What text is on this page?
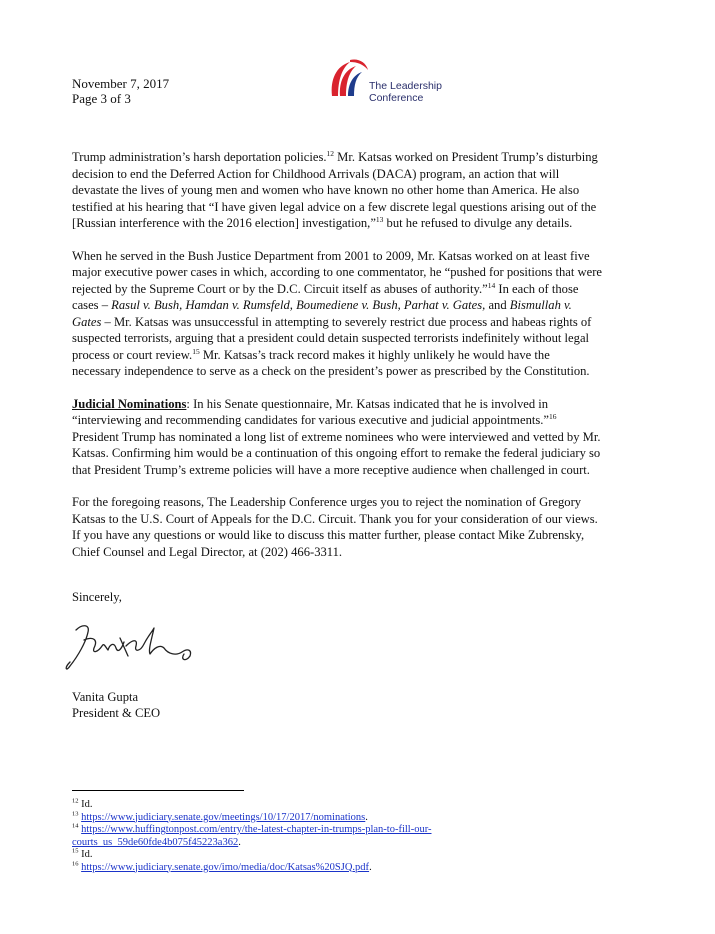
November 7, 2017
Page 3 of 3
The Leadership
Conference

Trump administration’s harsh deportation policies.$^{12}$ Mr. Katsas worked on President Trump’s disturbing
decision to end the Deferred Action for Childhood Arrivals (DACA) program, an action that will
devastate the lives of young men and women who have known no other home than America. He also
testified at his hearing that “I have given legal advice on a few discrete legal questions arising out of the
[Russian interference with the 2016 election] investigation,”$^{13}$ but he refused to divulge any details.

When he served in the Bush Justice Department from 2001 to 2009, Mr. Katsas worked on at least five
major executive power cases in which, according to one commentator, he “pushed for positions that were
rejected by the Supreme Court or by the D.C. Circuit itself as abuses of authority.”$^{14}$ In each of those
cases – Rasul v. Bush, Hamdan v. Rumsfeld, Boumediene v. Bush, Parhat v. Gates, and Bismullah v.
Gates – Mr. Katsas was unsuccessful in attempting to severely restrict due process and habeas rights of
suspected terrorists, arguing that a president could detain suspected terrorists indefinitely without legal
process or court review.$^{15}$ Mr. Katsas’s track record makes it highly unlikely he would have the
necessary independence to serve as a check on the president’s power as prescribed by the Constitution.

Judicial Nominations: In his Senate questionnaire, Mr. Katsas indicated that he is involved in
“interviewing and recommending candidates for various executive and judicial appointments.”$^{16}$
President Trump has nominated a long list of extreme nominees who were interviewed and vetted by Mr.
Katsas. Confirming him would be a continuation of this ongoing effort to remake the federal judiciary so
that President Trump’s extreme policies will have a more receptive audience when challenged in court.

For the foregoing reasons, The Leadership Conference urges you to reject the nomination of Gregory
Katsas to the U.S. Court of Appeals for the D.C. Circuit. Thank you for your consideration of our views.
If you have any questions or would like to discuss this matter further, please contact Mike Zubrensky,
Chief Counsel and Legal Director, at (202) 466-3311.

Sincerely,
Vanita Gupta
President & CEO
$^{12}$ Id.
$^{13}$ https://www.judiciary.senate.gov/meetings/10/17/2017/nominations.
$^{14}$ https://www.huffingtonpost.com/entry/the-latest-chapter-in-trumps-plan-to-fill-our-
courts_us_59de60fde4b075f45223a362.
$^{15}$ Id.
$^{16}$ https://www.judiciary.senate.gov/imo/media/doc/Katsas%20SJQ.pdf.
